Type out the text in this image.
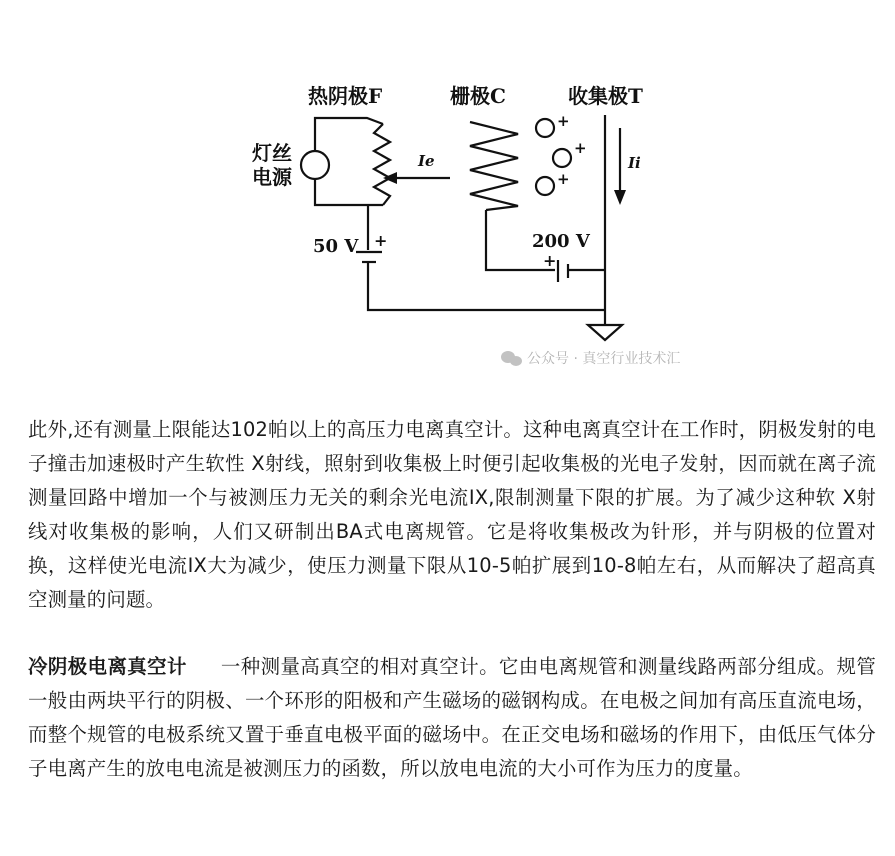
热阴极F	栅极C	收集极T
灯丝
电源
Ie	Ii
50 V +	200 V
+
+
+
+
公众号 · 真空行业技术汇

此外,还有测量上限能达102帕以上的高压力电离真空计。这种电离真空计在工作时，阴极发射的电子撞击加速极时产生软性 X射线，照射到收集极上时便引起收集极的光电子发射，因而就在离子流测量回路中增加一个与被测压力无关的剩余光电流IX,限制测量下限的扩展。为了减少这种软 X射线对收集极的影响，人们又研制出BA式电离规管。它是将收集极改为针形，并与阴极的位置对换，这样使光电流IX大为减少，使压力测量下限从10-5帕扩展到10-8帕左右，从而解决了超高真空测量的问题。

冷阴极电离真空计 一种测量高真空的相对真空计。它由电离规管和测量线路两部分组成。规管一般由两块平行的阴极、一个环形的阳极和产生磁场的磁钢构成。在电极之间加有高压直流电场，而整个规管的电极系统又置于垂直电极平面的磁场中。在正交电场和磁场的作用下，由低压气体分子电离产生的放电电流是被测压力的函数，所以放电电流的大小可作为压力的度量。
